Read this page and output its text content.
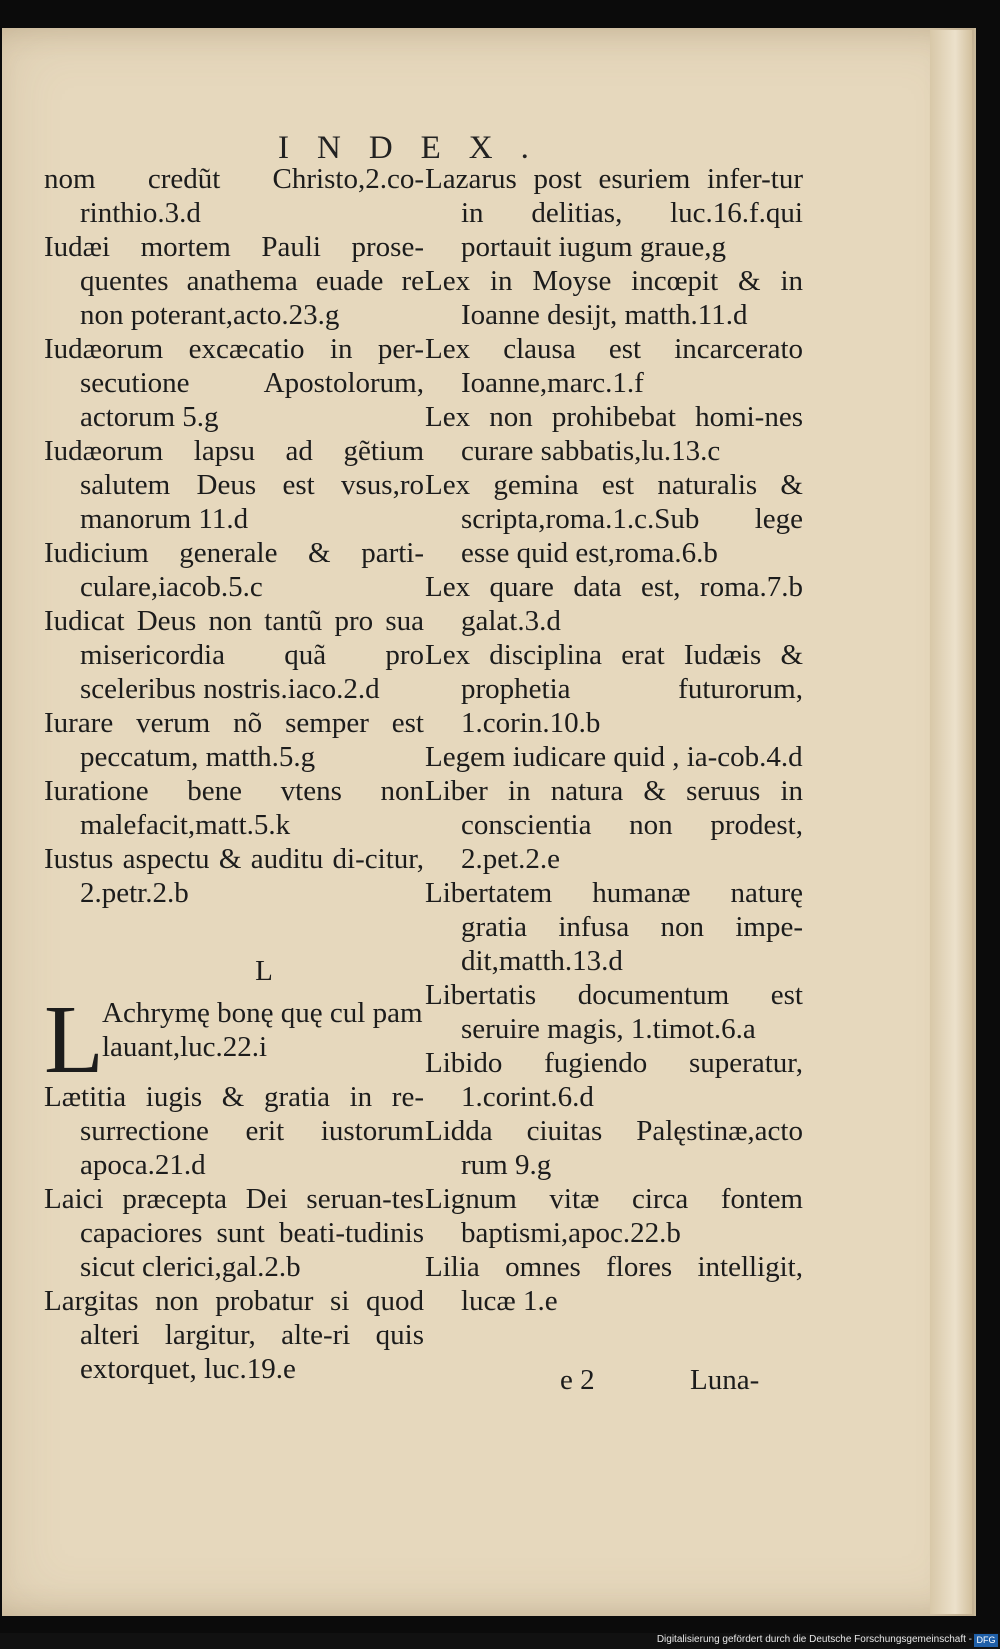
INDEX.

nom credũt Christo,2.co-rinthio.3.d

Iudæi mortem Pauli prose-quentes anathema euade re non poterant,acto.23.g

Iudæorum excæcatio in per-secutione Apostolorum, actorum 5.g

Iudæorum lapsu ad gẽtium salutem Deus est vsus,ro manorum 11.d

Iudicium generale & parti-culare,iacob.5.c

Iudicat Deus non tantũ pro sua misericordia quã pro sceleribus nostris.iaco.2.d

Iurare verum nõ semper est peccatum, matth.5.g

Iuratione bene vtens non malefacit,matt.5.k

Iustus aspectu & auditu di-citur, 2.petr.2.b

L
L
Achrymę bonę quę cul pam lauant,luc.22.i

Lætitia iugis & gratia in re-surrectione erit iustorum apoca.21.d

Laici præcepta Dei seruan-tes capaciores sunt beati-tudinis sicut clerici,gal.2.b

Largitas non probatur si quod alteri largitur, alte-ri quis extorquet, luc.19.e

Lazarus post esuriem infer-tur in delitias, luc.16.f.qui portauit iugum graue,g

Lex in Moyse incœpit & in Ioanne desijt, matth.11.d

Lex clausa est incarcerato Ioanne,marc.1.f

Lex non prohibebat homi-nes curare sabbatis,lu.13.c

Lex gemina est naturalis & scripta,roma.1.c.Sub lege esse quid est,roma.6.b

Lex quare data est, roma.7.b galat.3.d

Lex disciplina erat Iudæis & prophetia futurorum, 1.corin.10.b

Legem iudicare quid , ia-cob.4.d

Liber in natura & seruus in conscientia non prodest, 2.pet.2.e

Libertatem humanæ naturę gratia infusa non impe-dit,matth.13.d

Libertatis documentum est seruire magis, 1.timot.6.a

Libido fugiendo superatur, 1.corint.6.d

Lidda ciuitas Palęstinæ,acto rum 9.g

Lignum vitæ circa fontem baptismi,apoc.22.b

Lilia omnes flores intelligit, lucæ 1.e

e 2	Luna-
Digitalisierung gefördert durch die Deutsche Forschungsgemeinschaft - DFG
